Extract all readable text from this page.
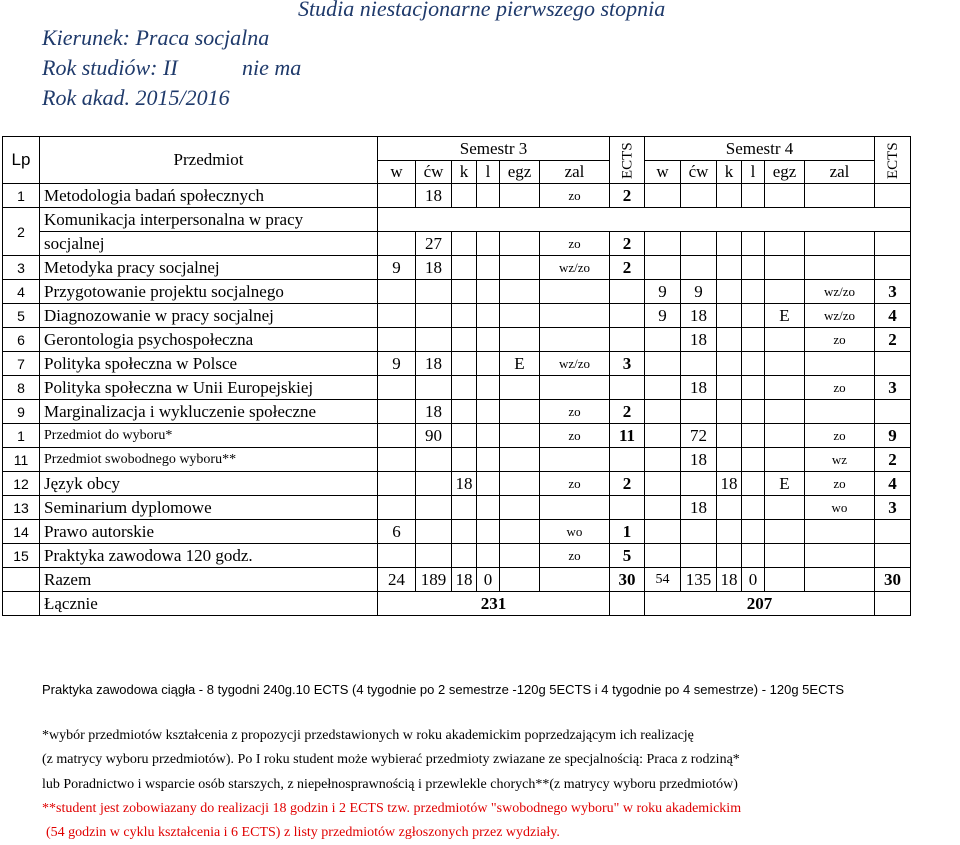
Studia niestacjonarne pierwszego stopnia
Kierunek: Praca socjalna
Rok studiów: II	nie ma
Rok akad. 2015/2016
Lp	Przedmiot	Semestr 3						ECTS	Semestr 4						ECTS
		w	ćw	k	l	egz	zal		w	ćw	k	l	egz	zal	
1	Metodologia badań społecznych		18				zo	2							
2	Komunikacja interpersonalna w pracy														
	socjalnej		27				zo	2							
3	Metodyka pracy socjalnej	9	18				wz/zo	2							
4	Przygotowanie projektu socjalnego								9	9				wz/zo	3
5	Diagnozowanie w pracy socjalnej								9	18			E	wz/zo	4
6	Gerontologia psychospołeczna									18				zo	2
7	Polityka społeczna w Polsce	9	18			E	wz/zo	3							
8	Polityka społeczna w Unii Europejskiej									18				zo	3
9	Marginalizacja i wykluczenie społeczne		18				zo	2							
1	Przedmiot do wyboru*		90				zo	11		72				zo	9
11	Przedmiot swobodnego wyboru**									18				wz	2
12	Język obcy			18			zo	2			18		E	zo	4
13	Seminarium dyplomowe									18				wo	3
14	Prawo autorskie	6					wo	1							
15	Praktyka zawodowa 120 godz.						zo	5							
	Razem	24	189	18	0			30	54	135	18	0			30
	Łącznie	231							207						
Praktyka zawodowa ciągła - 8 tygodni 240g.10 ECTS (4 tygodnie po 2 semestrze -120g 5ECTS i 4 tygodnie po 4 semestrze) - 120g 5ECTS
*wybór przedmiotów kształcenia z propozycji przedstawionych w roku akademickim poprzedzającym ich realizację
(z matrycy wyboru przedmiotów). Po I roku student może wybierać przedmioty zwiazane ze specjalnością: Praca z rodziną*
lub Poradnictwo i wsparcie osób starszych, z niepełnosprawnością i przewlekle chorych**(z matrycy wyboru przedmiotów)
**student jest zobowiazany do realizacji 18 godzin i 2 ECTS tzw. przedmiotów "swobodnego wyboru" w roku akademickim
(54 godzin w cyklu kształcenia i 6 ECTS) z listy przedmiotów zgłoszonych przez wydziały.
